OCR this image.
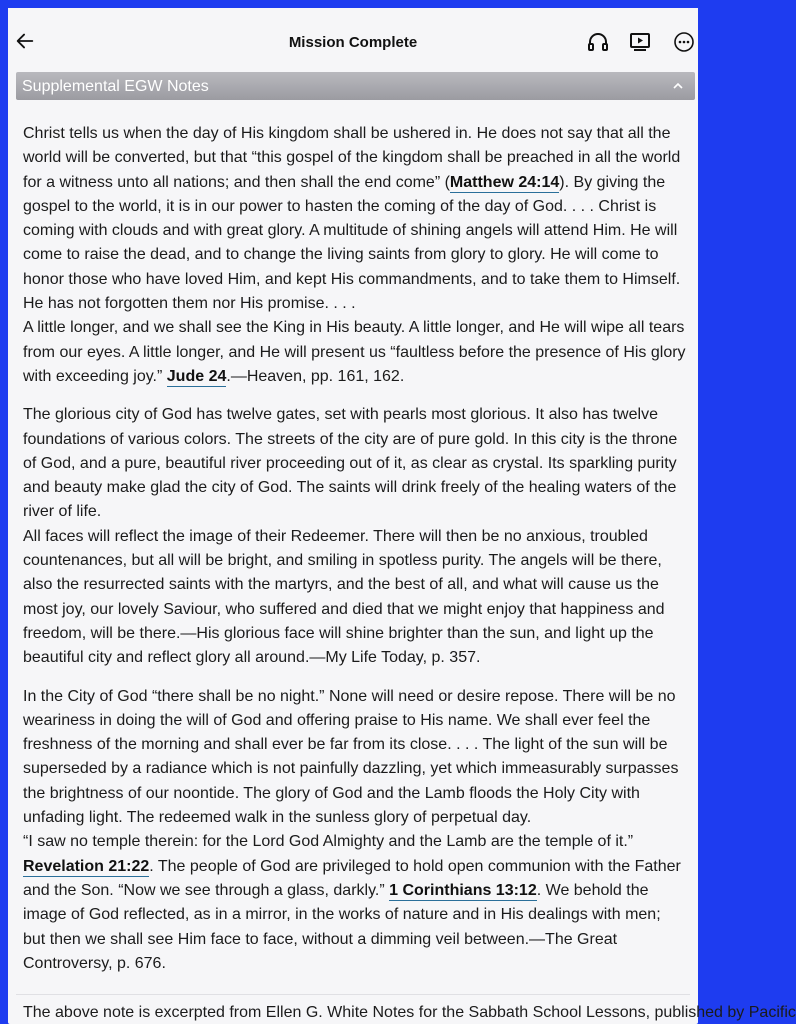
Mission Complete
Supplemental EGW Notes

Christ tells us when the day of His kingdom shall be ushered in. He does not say that all the world will be converted, but that “this gospel of the kingdom shall be preached in all the world for a witness unto all nations; and then shall the end come” (Matthew 24:14). By giving the gospel to the world, it is in our power to hasten the coming of the day of God. . . . Christ is coming with clouds and with great glory. A multitude of shining angels will attend Him. He will come to raise the dead, and to change the living saints from glory to glory. He will come to honor those who have loved Him, and kept His commandments, and to take them to Himself. He has not forgotten them nor His promise. . . .
A little longer, and we shall see the King in His beauty. A little longer, and He will wipe all tears from our eyes. A little longer, and He will present us “faultless before the presence of His glory with exceeding joy.” Jude 24.—Heaven, pp. 161, 162.

The glorious city of God has twelve gates, set with pearls most glorious. It also has twelve foundations of various colors. The streets of the city are of pure gold. In this city is the throne of God, and a pure, beautiful river proceeding out of it, as clear as crystal. Its sparkling purity and beauty make glad the city of God. The saints will drink freely of the healing waters of the river of life.
All faces will reflect the image of their Redeemer. There will then be no anxious, troubled countenances, but all will be bright, and smiling in spotless purity. The angels will be there, also the resurrected saints with the martyrs, and the best of all, and what will cause us the most joy, our lovely Saviour, who suffered and died that we might enjoy that happiness and freedom, will be there.—His glorious face will shine brighter than the sun, and light up the beautiful city and reflect glory all around.—My Life Today, p. 357.

In the City of God “there shall be no night.” None will need or desire repose. There will be no weariness in doing the will of God and offering praise to His name. We shall ever feel the freshness of the morning and shall ever be far from its close. . . . The light of the sun will be superseded by a radiance which is not painfully dazzling, yet which immeasurably surpasses the brightness of our noontide. The glory of God and the Lamb floods the Holy City with unfading light. The redeemed walk in the sunless glory of perpetual day.
“I saw no temple therein: for the Lord God Almighty and the Lamb are the temple of it.” Revelation 21:22. The people of God are privileged to hold open communion with the Father and the Son. “Now we see through a glass, darkly.” 1 Corinthians 13:12. We behold the image of God reflected, as in a mirror, in the works of nature and in His dealings with men; but then we shall see Him face to face, without a dimming veil between.—The Great Controversy, p. 676.

The above note is excerpted from Ellen G. White Notes for the Sabbath School Lessons, published by Pacific
